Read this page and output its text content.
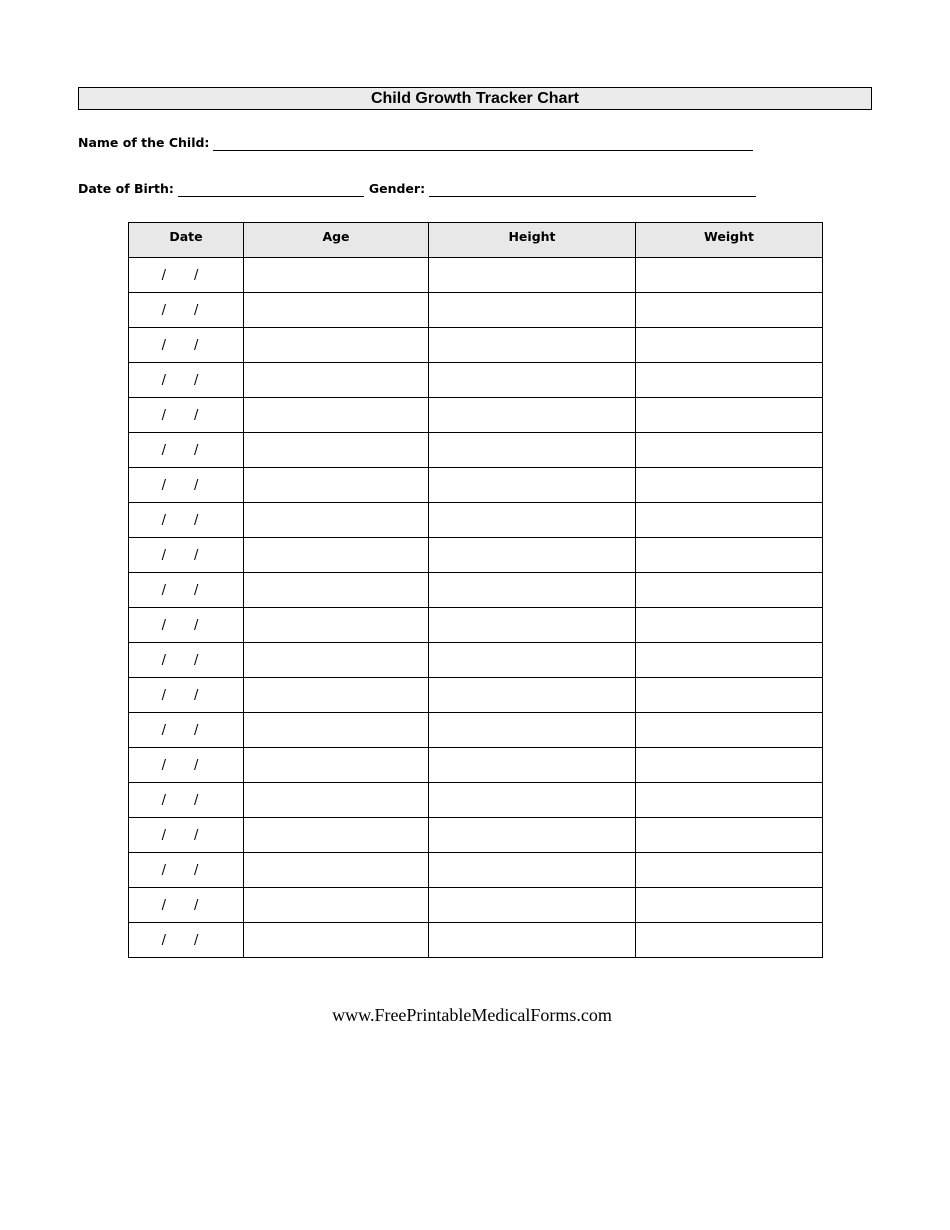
Child Growth Tracker Chart
Name of the Child:
Date of Birth:	Gender:
Date	Age	Height	Weight
/ /			
/ /			
/ /			
/ /			
/ /			
/ /			
/ /			
/ /			
/ /			
/ /			
/ /			
/ /			
/ /			
/ /			
/ /			
/ /			
/ /			
/ /			
/ /			
/ /			
www.FreePrintableMedicalForms.com
